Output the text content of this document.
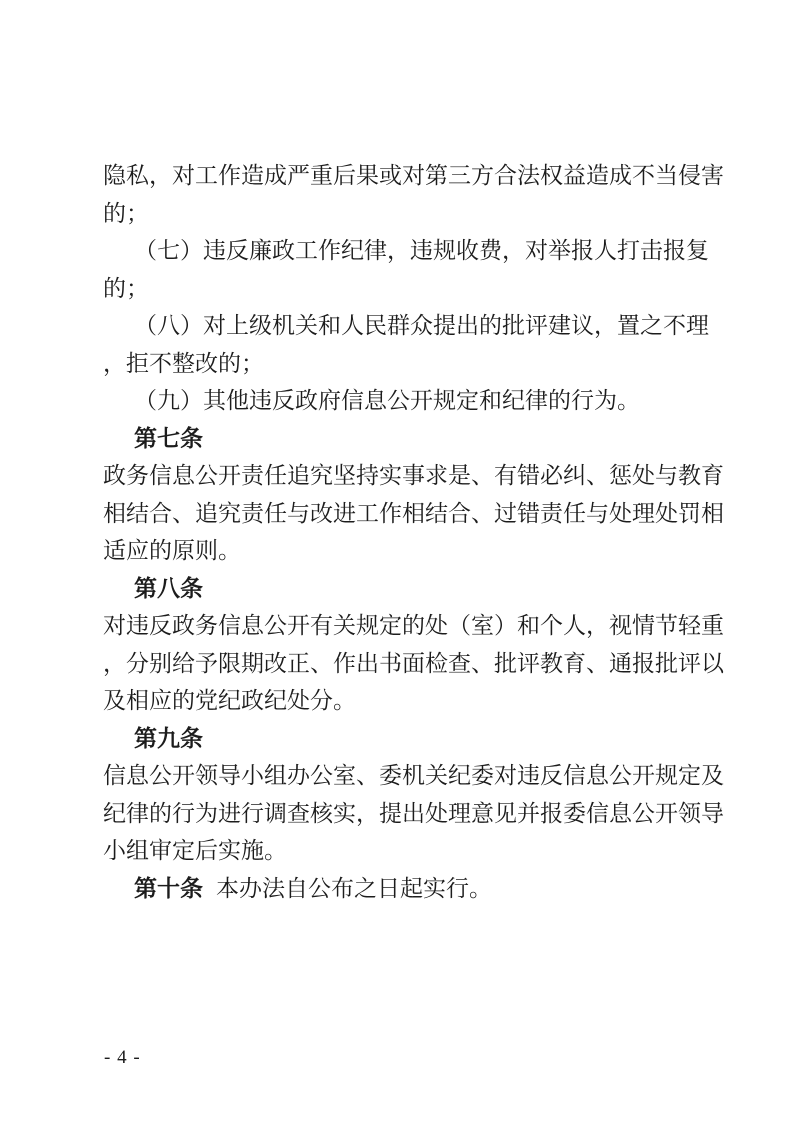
隐私，对工作造成严重后果或对第三方合法权益造成不当侵害
的；
（七）违反廉政工作纪律，违规收费，对举报人打击报复
的；
（八）对上级机关和人民群众提出的批评建议，置之不理
，拒不整改的；
（九）其他违反政府信息公开规定和纪律的行为。
第七条
政务信息公开责任追究坚持实事求是、有错必纠、惩处与教育
相结合、追究责任与改进工作相结合、过错责任与处理处罚相
适应的原则。
第八条
对违反政务信息公开有关规定的处（室）和个人，视情节轻重
，分别给予限期改正、作出书面检查、批评教育、通报批评以
及相应的党纪政纪处分。
第九条
信息公开领导小组办公室、委机关纪委对违反信息公开规定及
纪律的行为进行调查核实，提出处理意见并报委信息公开领导
小组审定后实施。
第十条 本办法自公布之日起实行。
- 4 -
